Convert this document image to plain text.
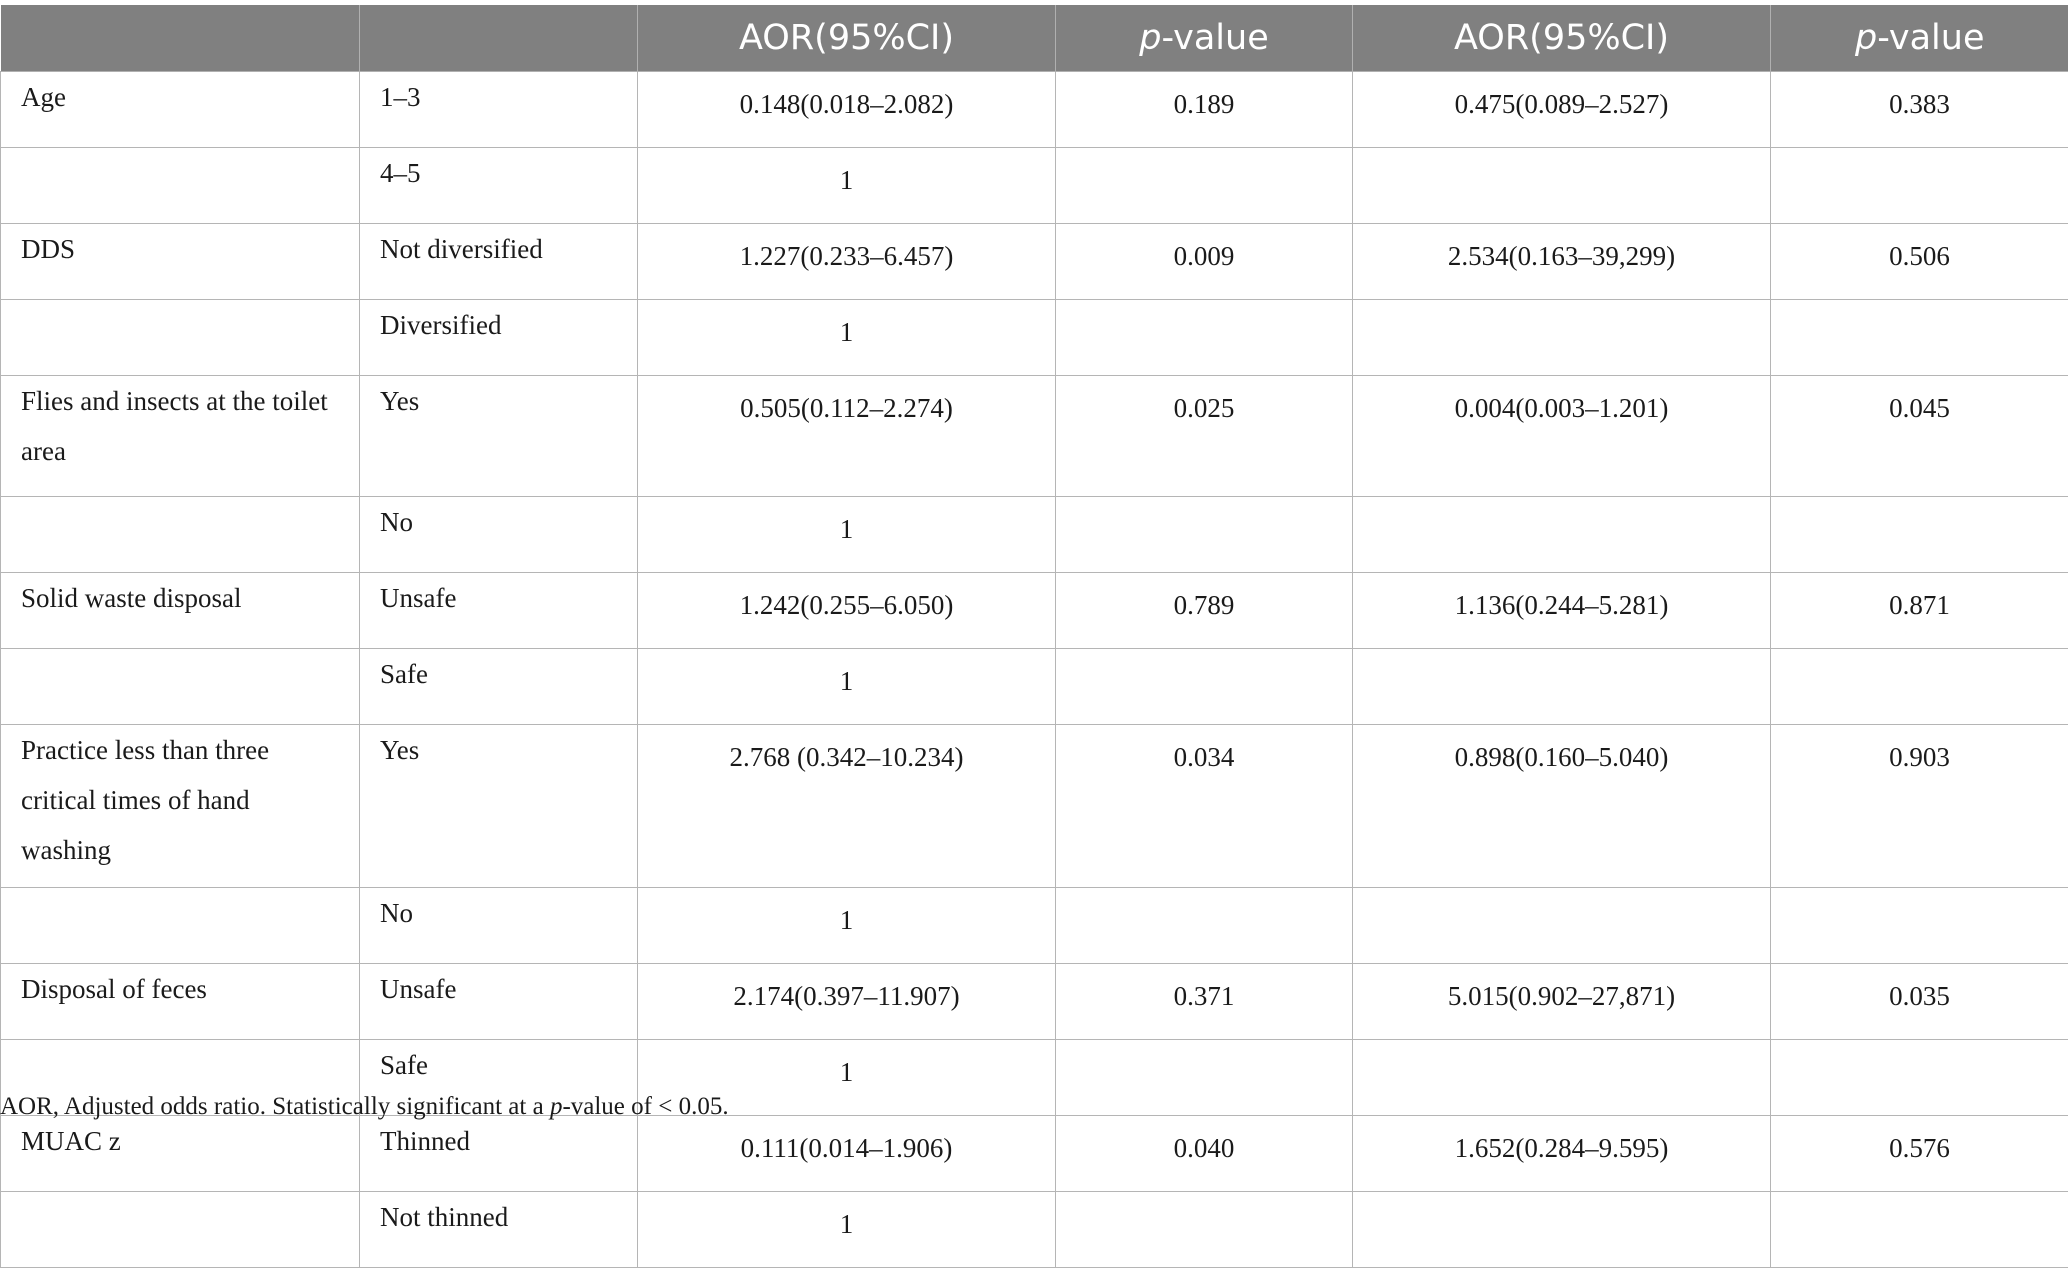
		AOR(95%CI)	p-value	AOR(95%CI)	p-value
Age	1–3	0.148(0.018–2.082)	0.189	0.475(0.089–2.527)	0.383
	4–5	1			
DDS	Not diversified	1.227(0.233–6.457)	0.009	2.534(0.163–39,299)	0.506
	Diversified	1			
Flies and insects at the toilet area	Yes	0.505(0.112–2.274)	0.025	0.004(0.003–1.201)	0.045
	No	1			
Solid waste disposal	Unsafe	1.242(0.255–6.050)	0.789	1.136(0.244–5.281)	0.871
	Safe	1			
Practice less than three critical times of hand washing	Yes	2.768 (0.342–10.234)	0.034	0.898(0.160–5.040)	0.903
	No	1			
Disposal of feces	Unsafe	2.174(0.397–11.907)	0.371	5.015(0.902–27,871)	0.035
	Safe	1			
MUAC z	Thinned	0.111(0.014–1.906)	0.040	1.652(0.284–9.595)	0.576
	Not thinned	1			
AOR, Adjusted odds ratio. Statistically significant at a p-value of < 0.05.
